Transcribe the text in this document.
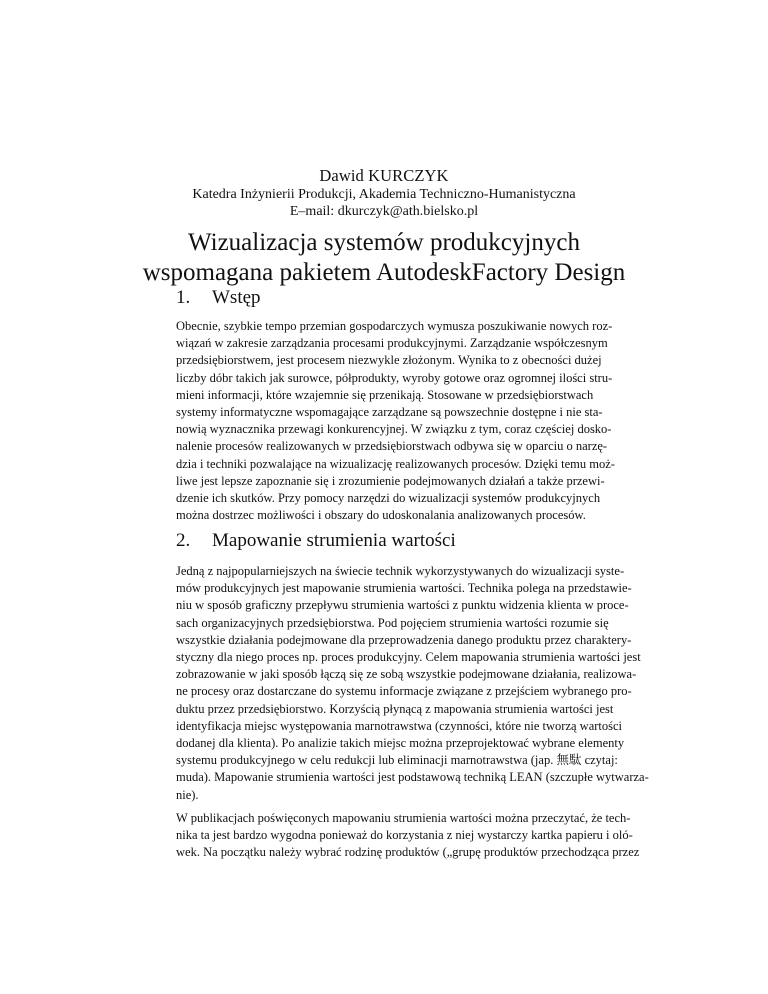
Dawid KURCZYK
Katedra Inżynierii Produkcji, Akademia Techniczno-Humanistyczna
E–mail: dkurczyk@ath.bielsko.pl
Wizualizacja systemów produkcyjnych
wspomagana pakietem AutodeskFactory Design
1. Wstęp
Obecnie, szybkie tempo przemian gospodarczych wymusza poszukiwanie nowych roz-
wiązań w zakresie zarządzania procesami produkcyjnymi. Zarządzanie współczesnym
przedsiębiorstwem, jest procesem niezwykle złożonym. Wynika to z obecności dużej
liczby dóbr takich jak surowce, półprodukty, wyroby gotowe oraz ogromnej ilości stru-
mieni informacji, które wzajemnie się przenikają. Stosowane w przedsiębiorstwach
systemy informatyczne wspomagające zarządzane są powszechnie dostępne i nie sta-
nowią wyznacznika przewagi konkurencyjnej. W związku z tym, coraz częściej dosko-
nalenie procesów realizowanych w przedsiębiorstwach odbywa się w oparciu o narzę-
dzia i techniki pozwalające na wizualizację realizowanych procesów. Dzięki temu moż-
liwe jest lepsze zapoznanie się i zrozumienie podejmowanych działań a także przewi-
dzenie ich skutków. Przy pomocy narzędzi do wizualizacji systemów produkcyjnych
można dostrzec możliwości i obszary do udoskonalania analizowanych procesów.
2. Mapowanie strumienia wartości
Jedną z najpopularniejszych na świecie technik wykorzystywanych do wizualizacji syste-
mów produkcyjnych jest mapowanie strumienia wartości. Technika polega na przedstawie-
niu w sposób graficzny przepływu strumienia wartości z punktu widzenia klienta w proce-
sach organizacyjnych przedsiębiorstwa. Pod pojęciem strumienia wartości rozumie się
wszystkie działania podejmowane dla przeprowadzenia danego produktu przez charaktery-
styczny dla niego proces np. proces produkcyjny. Celem mapowania strumienia wartości jest
zobrazowanie w jaki sposób łączą się ze sobą wszystkie podejmowane działania, realizowa-
ne procesy oraz dostarczane do systemu informacje związane z przejściem wybranego pro-
duktu przez przedsiębiorstwo. Korzyścią płynącą z mapowania strumienia wartości jest
identyfikacja miejsc występowania marnotrawstwa (czynności, które nie tworzą wartości
dodanej dla klienta). Po analizie takich miejsc można przeprojektować wybrane elementy
systemu produkcyjnego w celu redukcji lub eliminacji marnotrawstwa (jap. 無駄 czytaj:
muda). Mapowanie strumienia wartości jest podstawową techniką LEAN (szczupłe wytwarza-
nie).
W publikacjach poświęconych mapowaniu strumienia wartości można przeczytać, że tech-
nika ta jest bardzo wygodna ponieważ do korzystania z niej wystarczy kartka papieru i oló-
wek. Na początku należy wybrać rodzinę produktów („grupę produktów przechodząca przez
